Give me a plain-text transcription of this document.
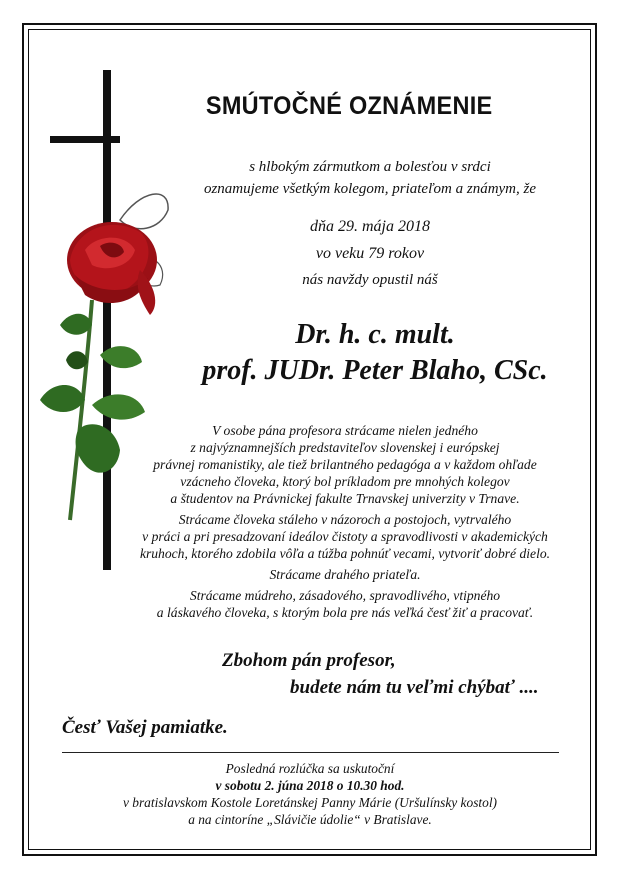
SMÚTOČNÉ OZNÁMENIE
s hlbokým zármutkom a bolesťou v srdci
oznamujeme všetkým kolegom, priateľom a známym, že
dňa 29. mája 2018
vo veku 79 rokov
nás navždy opustil náš
Dr. h. c. mult.
prof. JUDr. Peter Blaho, CSc.

V osobe pána profesora strácame nielen jedného
z najvýznamnejších predstaviteľov slovenskej i európskej
právnej romanistiky, ale tiež brilantného pedagóga a v každom ohľade
vzácneho človeka, ktorý bol príkladom pre mnohých kolegov
a študentov na Právnickej fakulte Trnavskej univerzity v Trnave.

Strácame človeka stáleho v názoroch a postojoch, vytrvalého
v práci a pri presadzovaní ideálov čistoty a spravodlivosti v akademických
kruhoch, ktorého zdobila vôľa a túžba pohnúť vecami, vytvoriť dobré dielo.

Strácame drahého priateľa.

Strácame múdreho, zásadového, spravodlivého, vtipného
a láskavého človeka, s ktorým bola pre nás veľká česť žiť a pracovať.

Zbohom pán profesor,
budete nám tu veľmi chýbať ....
Česť Vašej pamiatke.
Posledná rozlúčka sa uskutoční
v sobotu 2. júna 2018 o 10.30 hod.
v bratislavskom Kostole Loretánskej Panny Márie (Uršulínsky kostol)
a na cintoríne „Slávičie údolie“ v Bratislave.
